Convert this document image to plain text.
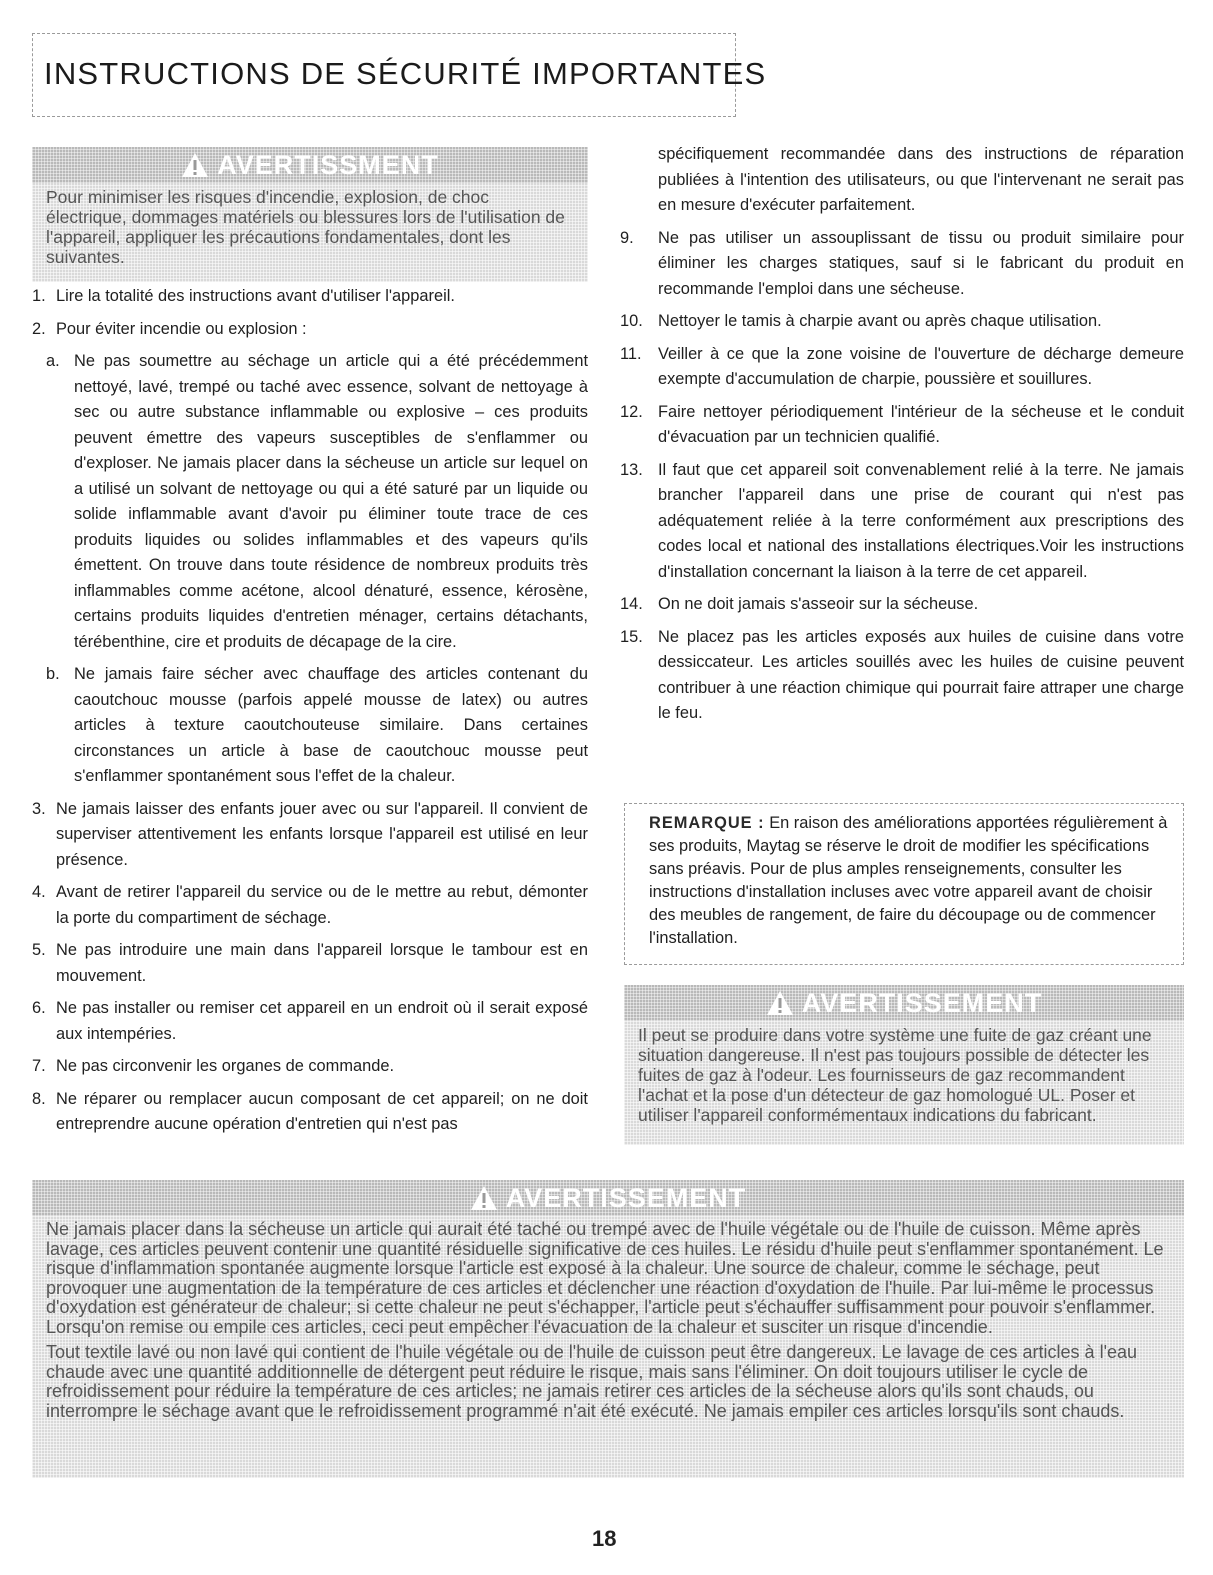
INSTRUCTIONS DE SÉCURITÉ IMPORTANTES
AVERTISSMENT
Pour minimiser les risques d'incendie, explosion, de choc électrique, dommages matériels ou blessures lors de l'utilisation de l'appareil, appliquer les précautions fondamentales, dont les suivantes.
1. Lire la totalité des instructions avant d'utiliser l'appareil.
2. Pour éviter incendie ou explosion :
a. Ne pas soumettre au séchage un article qui a été précédemment nettoyé, lavé, trempé ou taché avec essence, solvant de nettoyage à sec ou autre substance inflammable ou explosive – ces produits peuvent émettre des vapeurs susceptibles de s'enflammer ou d'exploser. Ne jamais placer dans la sécheuse un article sur lequel on a utilisé un solvant de nettoyage ou qui a été saturé par un liquide ou solide inflammable avant d'avoir pu éliminer toute trace de ces produits liquides ou solides inflammables et des vapeurs qu'ils émettent. On trouve dans toute résidence de nombreux produits très inflammables comme acétone, alcool dénaturé, essence, kérosène, certains produits liquides d'entretien ménager, certains détachants, térébenthine, cire et produits de décapage de la cire.
b. Ne jamais faire sécher avec chauffage des articles contenant du caoutchouc mousse (parfois appelé mousse de latex) ou autres articles à texture caoutchouteuse similaire. Dans certaines circonstances un article à base de caoutchouc mousse peut s'enflammer spontanément sous l'effet de la chaleur.
3. Ne jamais laisser des enfants jouer avec ou sur l'appareil. Il convient de superviser attentivement les enfants lorsque l'appareil est utilisé en leur présence.
4. Avant de retirer l'appareil du service ou de le mettre au rebut, démonter la porte du compartiment de séchage.
5. Ne pas introduire une main dans l'appareil lorsque le tambour est en mouvement.
6. Ne pas installer ou remiser cet appareil en un endroit où il serait exposé aux intempéries.
7. Ne pas circonvenir les organes de commande.
8. Ne réparer ou remplacer aucun composant de cet appareil; on ne doit entreprendre aucune opération d'entretien qui n'est pas
spécifiquement recommandée dans des instructions de réparation publiées à l'intention des utilisateurs, ou que l'intervenant ne serait pas en mesure d'exécuter parfaitement.
9.	Ne pas utiliser un assouplissant de tissu ou produit similaire pour éliminer les charges statiques, sauf si le fabricant du produit en recommande l'emploi dans une sécheuse.
10. Nettoyer le tamis à charpie avant ou après chaque utilisation.
11.	Veiller à ce que la zone voisine de l'ouverture de décharge demeure exempte d'accumulation de charpie, poussière et souillures.
12. Faire nettoyer périodiquement l'intérieur de la sécheuse et le conduit d'évacuation par un technicien qualifié.
13. Il faut que cet appareil soit convenablement relié à la terre. Ne jamais brancher l'appareil dans une prise de courant qui n'est pas adéquatement reliée à la terre conformément aux prescriptions des codes local et national des installations électriques.Voir les instructions d'installation concernant la liaison à la terre de cet appareil.
14. On ne doit jamais s'asseoir sur la sécheuse.
15. Ne placez pas les articles exposés aux huiles de cuisine dans votre dessiccateur. Les articles souillés avec les huiles de cuisine peuvent contribuer à une réaction chimique qui pourrait faire attraper une charge le feu.
REMARQUE : En raison des améliorations apportées régulièrement à ses produits, Maytag se réserve le droit de modifier les spécifications sans préavis. Pour de plus amples renseignements, consulter les instructions d'installation incluses avec votre appareil avant de choisir des meubles de rangement, de faire du découpage ou de commencer l'installation.
AVERTISSEMENT
Il peut se produire dans votre système une fuite de gaz créant une situation dangereuse. Il n'est pas toujours possible de détecter les fuites de gaz à l'odeur. Les fournisseurs de gaz recommandent l'achat et la pose d'un détecteur de gaz homologué UL. Poser et utiliser l'appareil conformémentaux indications du fabricant.
AVERTISSEMENT
Ne jamais placer dans la sécheuse un article qui aurait été taché ou trempé avec de l'huile végétale ou de l'huile de cuisson. Même après lavage, ces articles peuvent contenir une quantité résiduelle significative de ces huiles. Le résidu d'huile peut s'enflammer spontanément. Le risque d'inflammation spontanée augmente lorsque l'article est exposé à la chaleur. Une source de chaleur, comme le séchage, peut provoquer une augmentation de la température de ces articles et déclencher une réaction d'oxydation de l'huile. Par lui-même le processus d'oxydation est générateur de chaleur; si cette chaleur ne peut s'échapper, l'article peut s'échauffer suffisamment pour pouvoir s'enflammer. Lorsqu'on remise ou empile ces articles, ceci peut empêcher l'évacuation de la chaleur et susciter un risque d'incendie.
Tout textile lavé ou non lavé qui contient de l'huile végétale ou de l'huile de cuisson peut être dangereux. Le lavage de ces articles à l'eau chaude avec une quantité additionnelle de détergent peut réduire le risque, mais sans l'éliminer. On doit toujours utiliser le cycle de refroidissement pour réduire la température de ces articles; ne jamais retirer ces articles de la sécheuse alors qu'ils sont chauds, ou interrompre le séchage avant que le refroidissement programmé n'ait été exécuté. Ne jamais empiler ces articles lorsqu'ils sont chauds.
18
